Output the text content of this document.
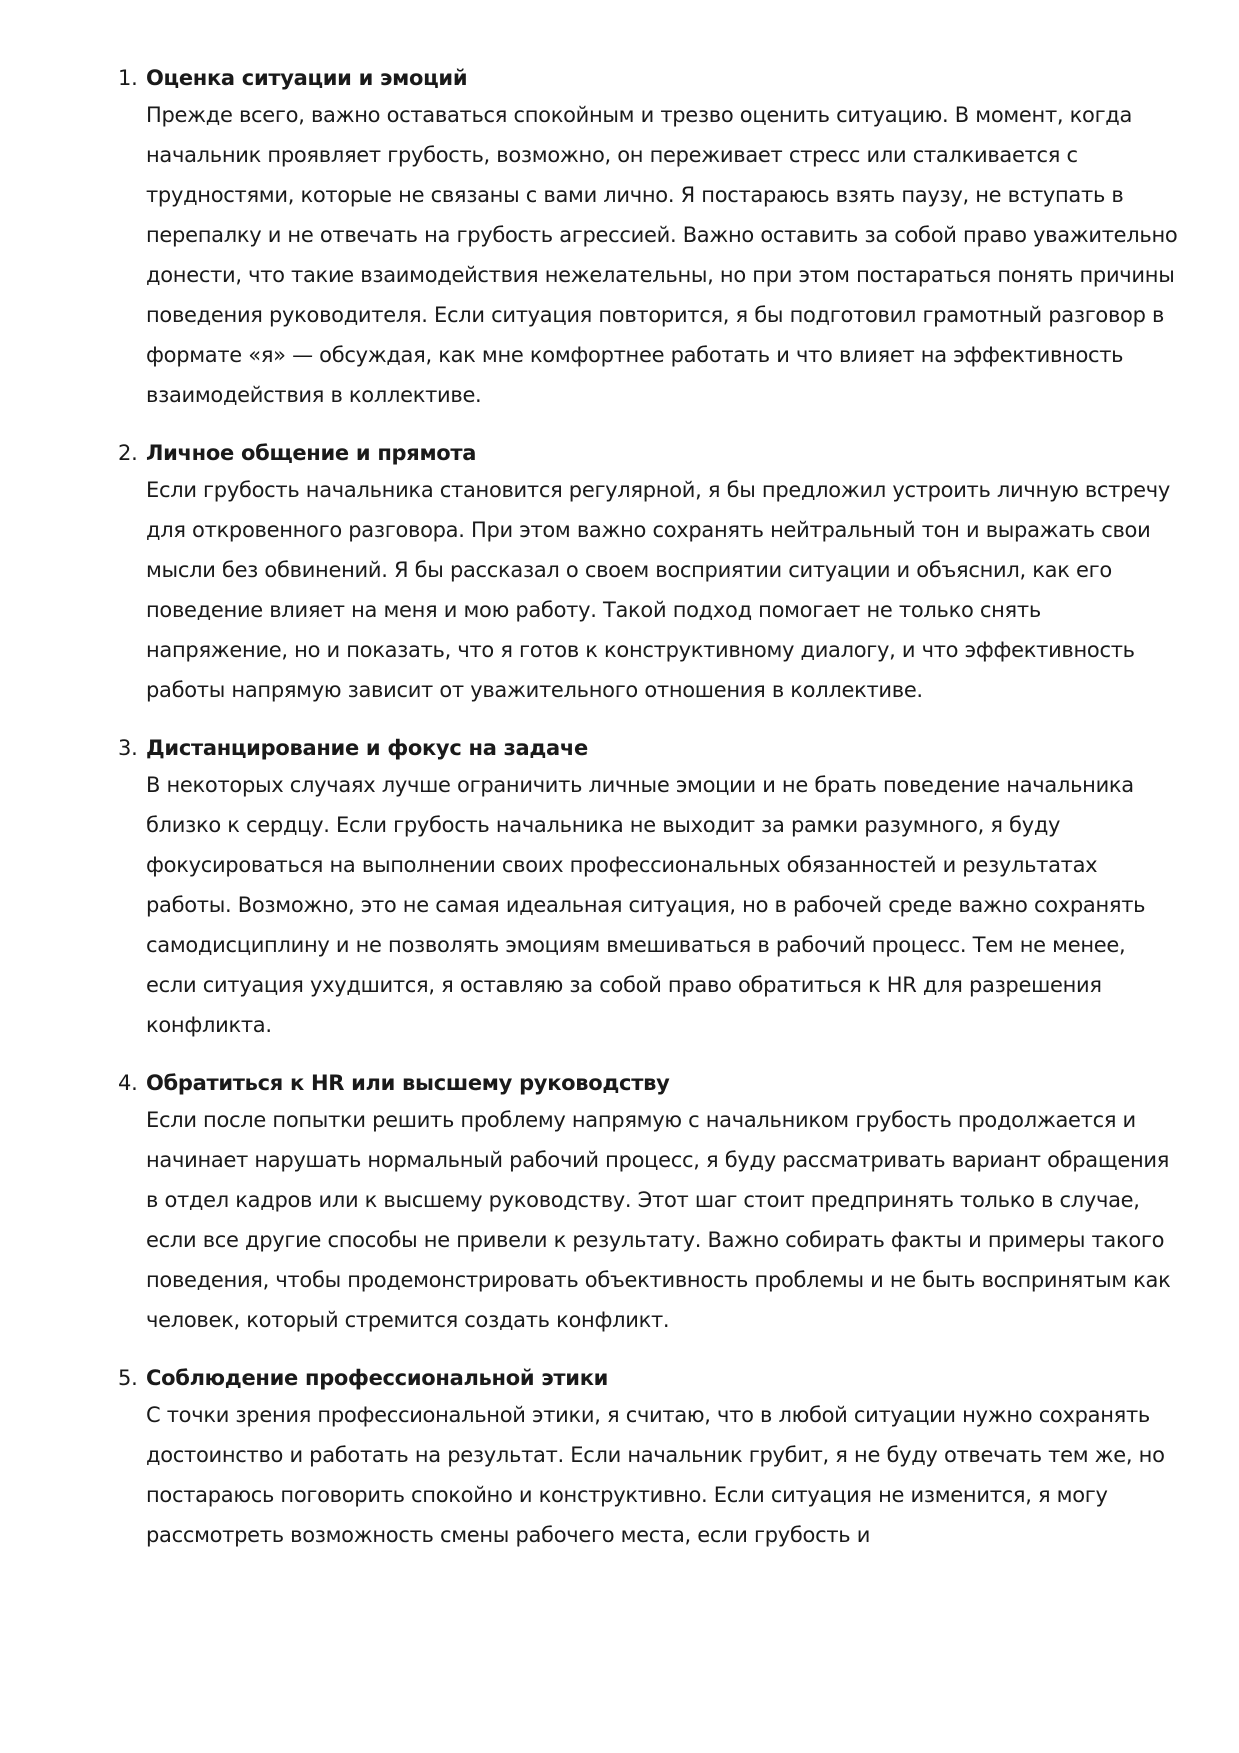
1. Оценка ситуации и эмоций

Прежде всего, важно оставаться спокойным и трезво оценить ситуацию. В момент, когда начальник проявляет грубость, возможно, он переживает стресс или сталкивается с трудностями, которые не связаны с вами лично. Я постараюсь взять паузу, не вступать в перепалку и не отвечать на грубость агрессией. Важно оставить за собой право уважительно донести, что такие взаимодействия нежелательны, но при этом постараться понять причины поведения руководителя. Если ситуация повторится, я бы подготовил грамотный разговор в формате «я» — обсуждая, как мне комфортнее работать и что влияет на эффективность взаимодействия в коллективе.

2. Личное общение и прямота

Если грубость начальника становится регулярной, я бы предложил устроить личную встречу для откровенного разговора. При этом важно сохранять нейтральный тон и выражать свои мысли без обвинений. Я бы рассказал о своем восприятии ситуации и объяснил, как его поведение влияет на меня и мою работу. Такой подход помогает не только снять напряжение, но и показать, что я готов к конструктивному диалогу, и что эффективность работы напрямую зависит от уважительного отношения в коллективе.

3. Дистанцирование и фокус на задаче

В некоторых случаях лучше ограничить личные эмоции и не брать поведение начальника близко к сердцу. Если грубость начальника не выходит за рамки разумного, я буду фокусироваться на выполнении своих профессиональных обязанностей и результатах работы. Возможно, это не самая идеальная ситуация, но в рабочей среде важно сохранять самодисциплину и не позволять эмоциям вмешиваться в рабочий процесс. Тем не менее, если ситуация ухудшится, я оставляю за собой право обратиться к HR для разрешения конфликта.

4. Обратиться к HR или высшему руководству

Если после попытки решить проблему напрямую с начальником грубость продолжается и начинает нарушать нормальный рабочий процесс, я буду рассматривать вариант обращения в отдел кадров или к высшему руководству. Этот шаг стоит предпринять только в случае, если все другие способы не привели к результату. Важно собирать факты и примеры такого поведения, чтобы продемонстрировать объективность проблемы и не быть воспринятым как человек, который стремится создать конфликт.

5. Соблюдение профессиональной этики

С точки зрения профессиональной этики, я считаю, что в любой ситуации нужно сохранять достоинство и работать на результат. Если начальник грубит, я не буду отвечать тем же, но постараюсь поговорить спокойно и конструктивно. Если ситуация не изменится, я могу рассмотреть возможность смены рабочего места, если грубость и
